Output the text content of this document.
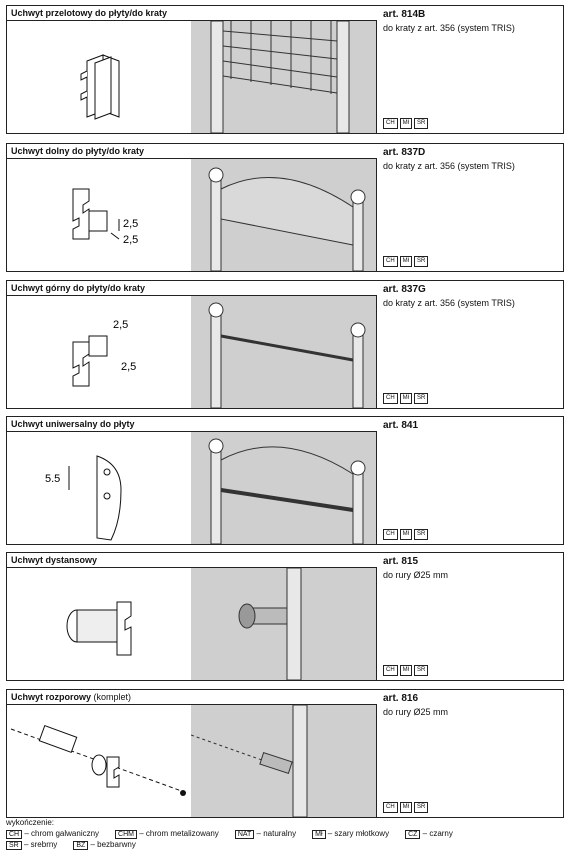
Uchwyt przelotowy do płyty/do kraty	art. 814B
do kraty z art. 356 (system TRIS)
CH	Mł	SR
Uchwyt dolny do płyty/do kraty
2,5
2,5
art. 837D
do kraty z art. 356 (system TRIS)
CH	Mł	SR
Uchwyt górny do płyty/do kraty
2,5
2,5
art. 837G
do kraty z art. 356 (system TRIS)
CH	Mł	SR
Uchwyt uniwersalny do płyty
5.5
art. 841
CH	Mł	SR
Uchwyt dystansowy	art. 815
do rury Ø25 mm
CH	Mł	SR
Uchwyt rozporowy (komplet)	art. 816
do rury Ø25 mm
CH	Mł	SR
wykończenie:
CH – chrom galwaniczny	CHM – chrom metalizowany	NAT – naturalny	Mł – szary młotkowy	CZ – czarny
SR – srebrny	BZ – bezbarwny
